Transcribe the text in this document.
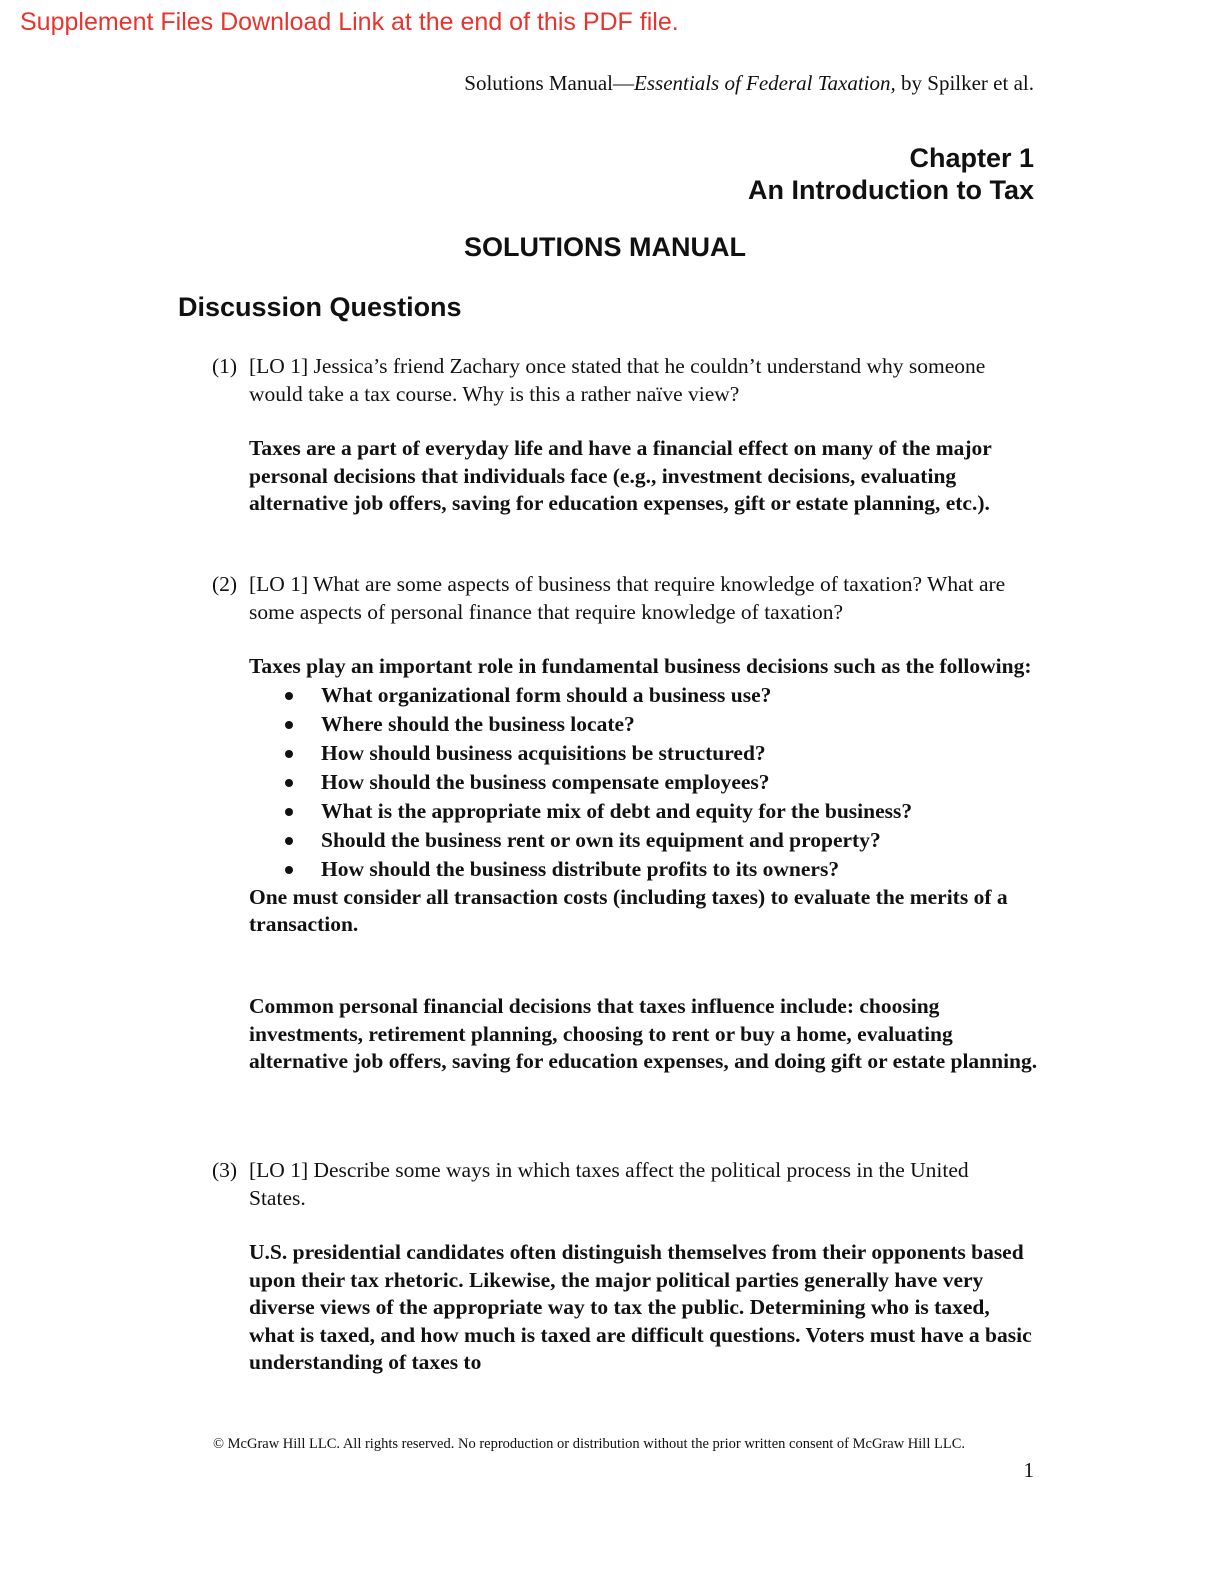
Supplement Files Download Link at the end of this PDF file.
Solutions Manual—Essentials of Federal Taxation, by Spilker et al.
Chapter 1
An Introduction to Tax
SOLUTIONS MANUAL
Discussion Questions
(1) [LO 1] Jessica’s friend Zachary once stated that he couldn’t understand why someone would take a tax course. Why is this a rather naïve view?
Taxes are a part of everyday life and have a financial effect on many of the major personal decisions that individuals face (e.g., investment decisions, evaluating alternative job offers, saving for education expenses, gift or estate planning, etc.).
(2) [LO 1] What are some aspects of business that require knowledge of taxation? What are some aspects of personal finance that require knowledge of taxation?
Taxes play an important role in fundamental business decisions such as the following:
What organizational form should a business use?
Where should the business locate?
How should business acquisitions be structured?
How should the business compensate employees?
What is the appropriate mix of debt and equity for the business?
Should the business rent or own its equipment and property?
How should the business distribute profits to its owners?
One must consider all transaction costs (including taxes) to evaluate the merits of a transaction.
Common personal financial decisions that taxes influence include: choosing investments, retirement planning, choosing to rent or buy a home, evaluating alternative job offers, saving for education expenses, and doing gift or estate planning.
(3) [LO 1] Describe some ways in which taxes affect the political process in the United States.
U.S. presidential candidates often distinguish themselves from their opponents based upon their tax rhetoric. Likewise, the major political parties generally have very diverse views of the appropriate way to tax the public. Determining who is taxed, what is taxed, and how much is taxed are difficult questions. Voters must have a basic understanding of taxes to
© McGraw Hill LLC. All rights reserved. No reproduction or distribution without the prior written consent of McGraw Hill LLC.
1
